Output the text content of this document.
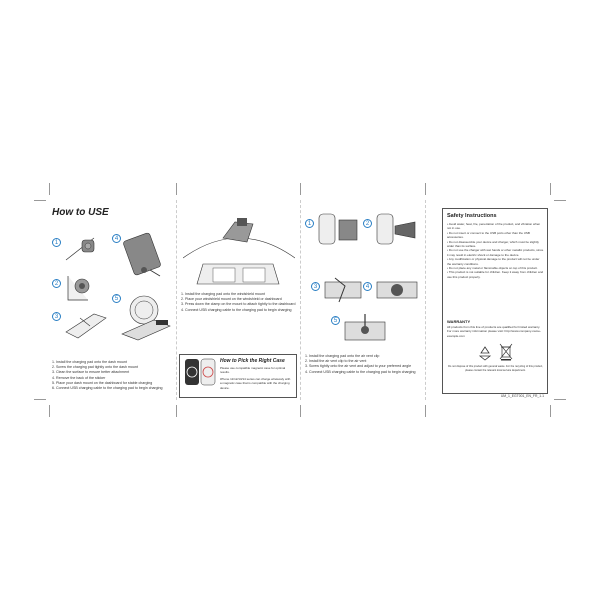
How to USE
1
2
3
4
5
1. Install the charging pad onto the dash mount
2. Screw the charging pad tightly onto the dash mount
3. Clean the surface to ensure better attachment
4. Remove the back of the sticker
5. Place your dash mount on the dashboard for stable charging
6. Connect USB charging cable to the charging pad to begin charging
1. Install the charging pad onto the windshield mount
2. Place your windshield mount on the windshield or dashboard
3. Press down the clamp on the mount to attach tightly to the dashboard
4. Connect USB charging cable to the charging pad to begin charging
How to Pick the Right Case
Please use compatible magnetic case for optimal results.
iPhone 11/12/13/14 series can charge wirelessly with a magnetic case that is compatible with the charging device.
1	2
3	4
5
1. Install the charging pad onto the air vent clip
2. Install the air vent clip to the air vent
3. Screw tightly onto the air vent and adjust to your preferred angle
4. Connect USB charging cable to the charging pad to begin charging
Safety Instructions
• Avoid water, heat, fire, penetration of the product, and vibration when not in use.
• Do not insert or connect to the USB ports other than the USB accessories.
• Do not disassemble your device and charger, which must be slightly wider than its surface.
• Do not use the charger with wet hands or other metallic products, since it may result in electric shock or damage to the device.
• Any modification or physical damage to the product will not be under the warranty conditions.
• Do not place any metal or flammable objects on top of this product.
• This product is not suitable for children. Keep it away from children and use this product properly.
WARRANTY
All products from this line of products are qualified for limited warranty. For more warranty information please visit: http://www.company-name-example.com
Do not dispose of this product with general waste. For the recycling of this product, please contact the relevant local service department.
UM_1_EGT001_EN_FR_1.1
